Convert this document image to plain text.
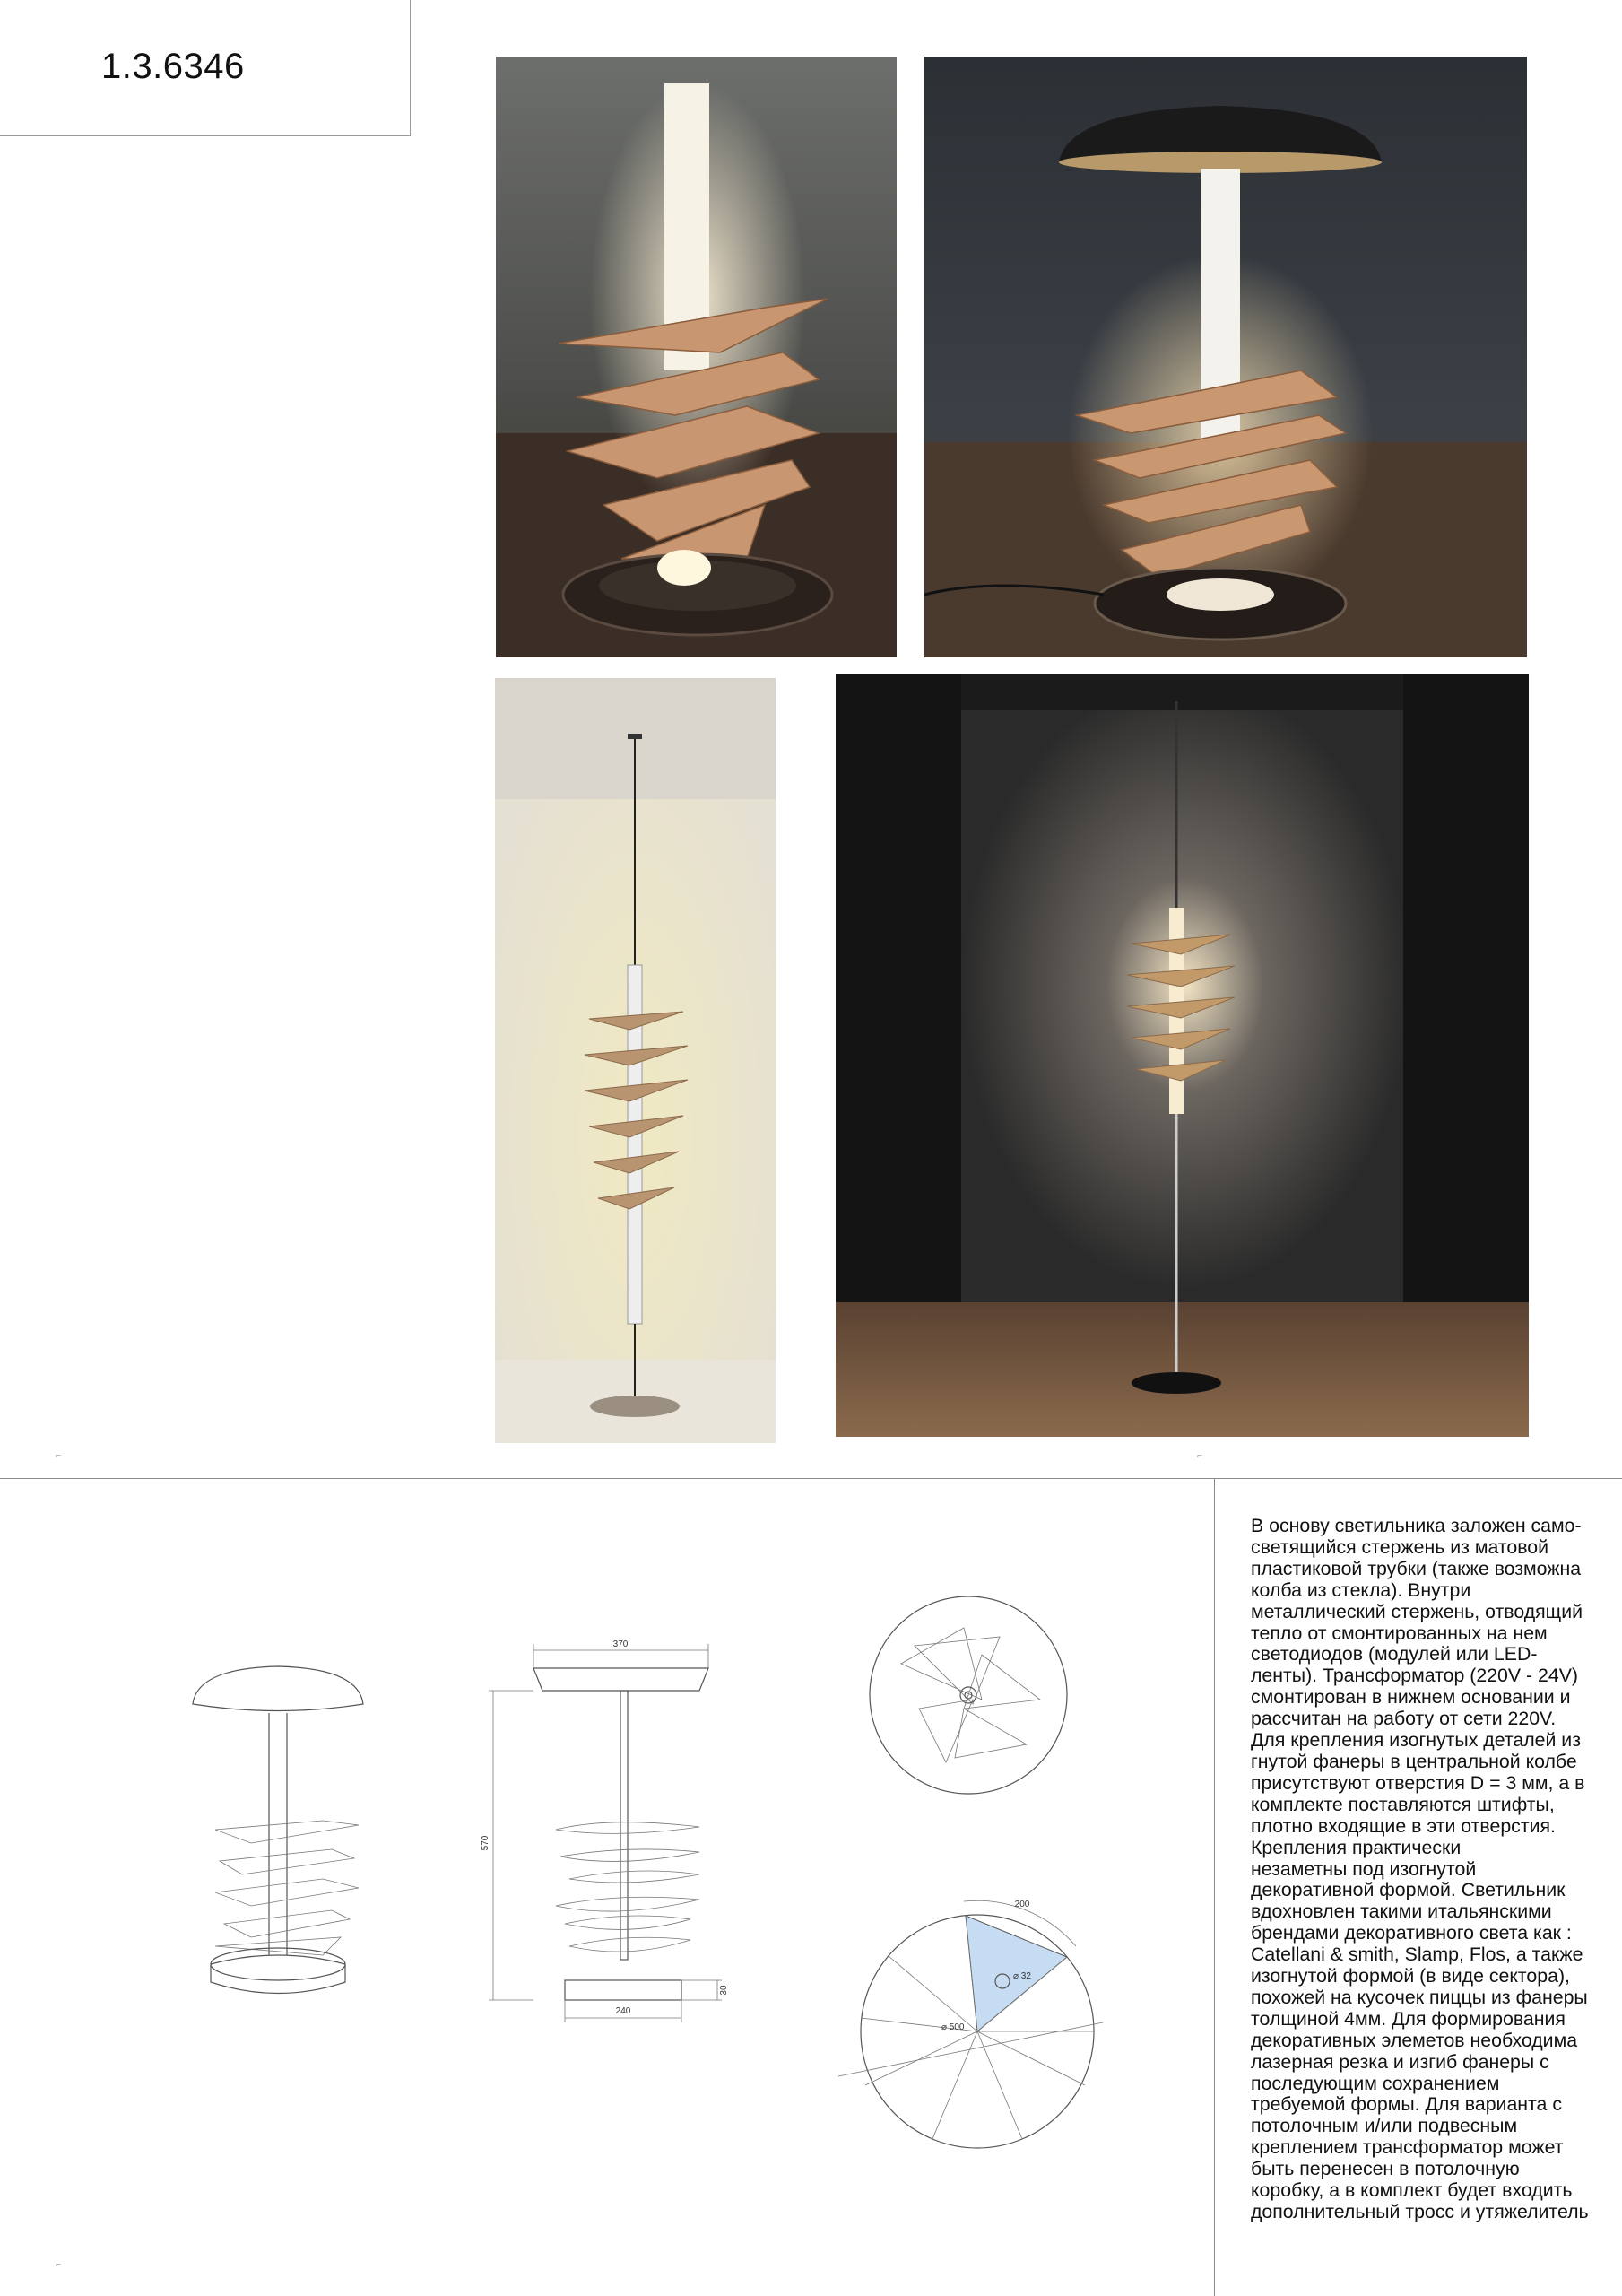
1.3.6346
⌐	⌐
⌐
370
570
30
240
200
⌀ 32
⌀ 500
В основу светильника заложен само-
светящийся стержень из матовой
пластиковой трубки (также возможна
колба из стекла). Внутри
металлический стержень, отводящий
тепло от смонтированных на нем
светодиодов (модулей или LED-
ленты). Трансформатор (220V - 24V)
смонтирован в нижнем основании и
рассчитан на работу от сети 220V.
Для крепления изогнутых деталей из
гнутой фанеры в центральной колбе
присутствуют отверстия D = 3 мм, а в
комплекте поставляются штифты,
плотно входящие в эти отверстия.
Крепления практически
незаметны под изогнутой
декоративной формой. Светильник
вдохновлен такими итальянскими
брендами декоративного света как :
Catellani & smith, Slamp, Flos, а также
изогнутой формой (в виде сектора),
похожей на кусочек пиццы из фанеры
толщиной 4мм. Для формирования
декоративных элеметов необходима
лазерная резка и изгиб фанеры с
последующим сохранением
требуемой формы. Для варианта с
потолочным и/или подвесным
креплением трансформатор может
быть перенесен в потолочную
коробку, а в комплект будет входить
дополнительный тросс и утяжелитель
